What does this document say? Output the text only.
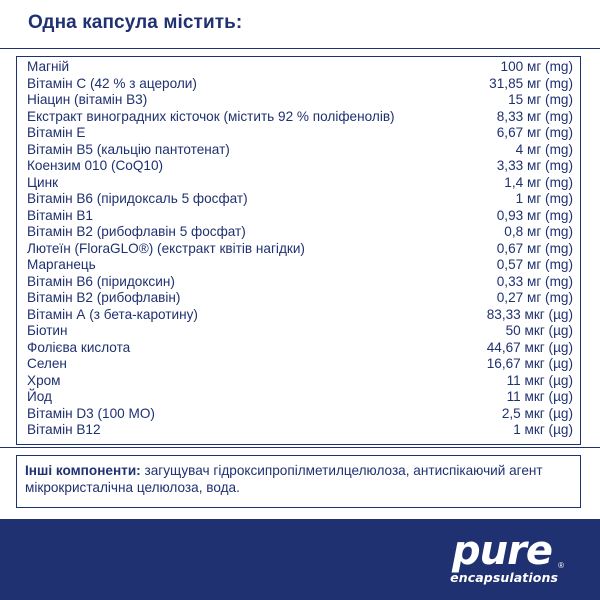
Одна капсула містить:
Магній	100 мг (mg)
Вітамін С (42 % з ацероли)	31,85 мг (mg)
Ніацин (вітамін B3)	15 мг (mg)
Екстракт виноградних кісточок (містить 92 % поліфенолів)	8,33 мг (mg)
Вітамін Е	6,67 мг (mg)
Вітамін В5 (кальцію пантотенат)	4 мг (mg)
Коензим 010 (CoQ10)	3,33 мг (mg)
Цинк	1,4 мг (mg)
Вітамін B6 (піридоксаль 5 фосфат)	1 мг (mg)
Вітамін B1	0,93 мг (mg)
Вітамін B2 (рибофлавін 5 фосфат)	0,8 мг (mg)
Лютеїн (FloraGLO®) (екстракт квітів нагідки)	0,67 мг (mg)
Марганець	0,57 мг (mg)
Вітамін B6 (піридоксин)	0,33 мг (mg)
Вітамін B2 (рибофлавін)	0,27 мг (mg)
Вітамін А (з бета-каротину)	83,33 мкг (µg)
Біотин	50 мкг (µg)
Фолієва кислота	44,67 мкг (µg)
Селен	16,67 мкг (µg)
Хром	11 мкг (µg)
Йод	11 мкг (µg)
Вітамін D3 (100 МО)	2,5 мкг (µg)
Вітамін B12	1 мкг (µg)
Інші компоненти: загущувач гідроксипропілметилцелюлоза, антиспікаючий агент мікрокристалічна целюлоза, вода.
pure
encapsulations
®
